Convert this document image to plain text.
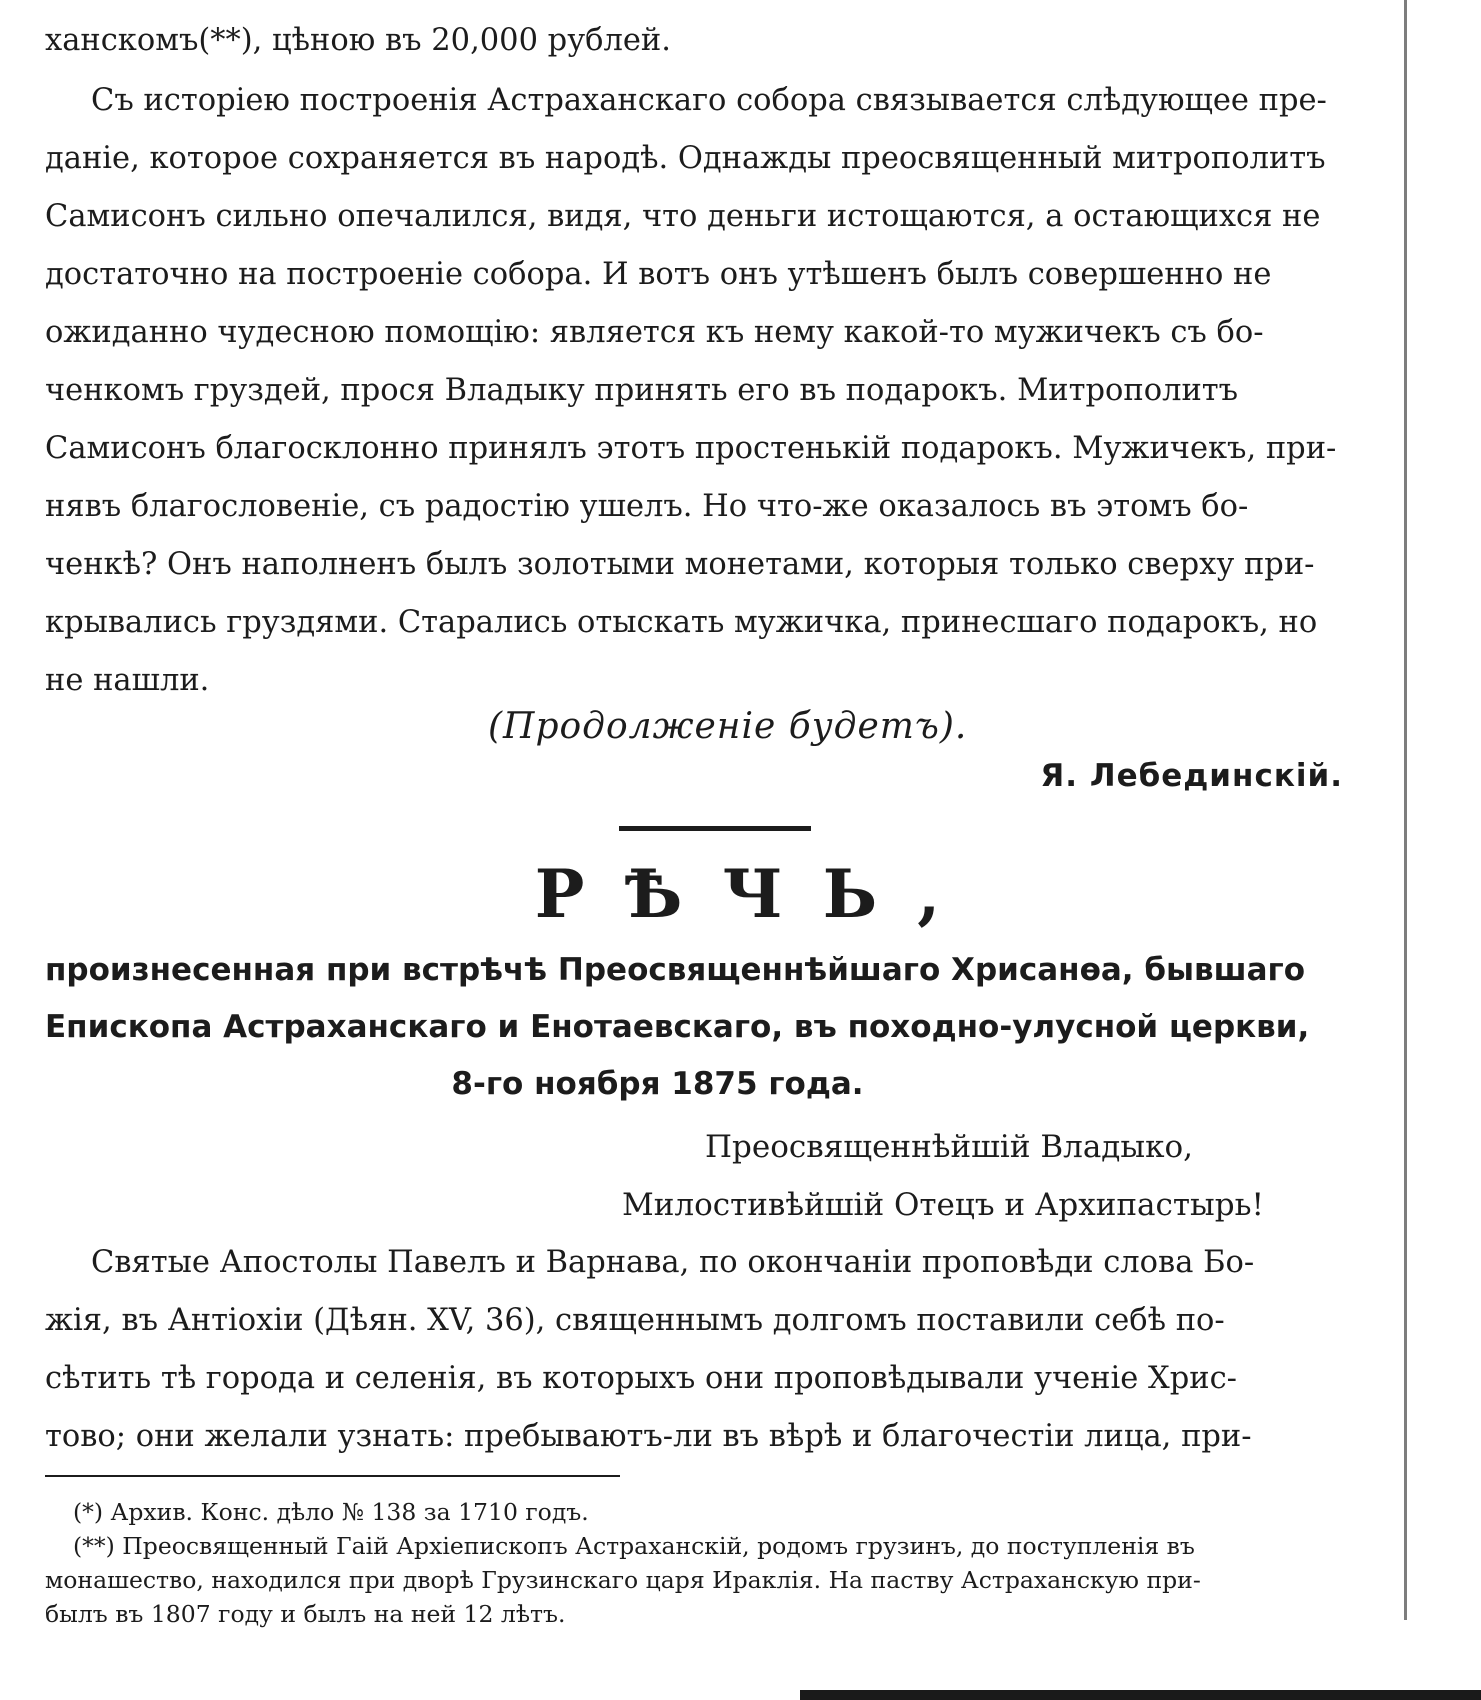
ханскомъ(**), цѣною въ 20,000 рублей.
Съ исторіею построенія Астраханскаго собора связывается слѣдующее пре-
даніе, которое сохраняется въ народѣ. Однажды преосвященный митрополитъ
Самисонъ сильно опечалился, видя, что деньги истощаются, а остающихся не
достаточно на построеніе собора. И вотъ онъ утѣшенъ былъ совершенно не
ожиданно чудесною помощію: является къ нему какой-то мужичекъ съ бо-
ченкомъ груздей, прося Владыку принять его въ подарокъ. Митрополитъ
Самисонъ благосклонно принялъ этотъ простенькій подарокъ. Мужичекъ, при-
нявъ благословеніе, съ радостію ушелъ. Но что-же оказалось въ этомъ бо-
ченкѣ? Онъ наполненъ былъ золотыми монетами, которыя только сверху при-
крывались груздями. Старались отыскать мужичка, принесшаго подарокъ, но
не нашли.
(Продолженіе будетъ).
Я. Лебединскій.
РѢЧЬ,
произнесенная при встрѣчѣ Преосвященнѣйшаго Хрисанѳа, бывшаго
Епископа Астраханскаго и Енотаевскаго, въ походно-улусной церкви,
8-го ноября 1875 года.
Преосвященнѣйшій Владыко,
Милостивѣйшій Отецъ и Архипастырь!
Святые Апостолы Павелъ и Варнава, по окончаніи проповѣди слова Бо-
жія, въ Антіохіи (Дѣян. XV, 36), священнымъ долгомъ поставили себѣ по-
сѣтить тѣ города и селенія, въ которыхъ они проповѣдывали ученіе Хрис-
тово; они желали узнать: пребываютъ-ли въ вѣрѣ и благочестіи лица, при-
(*) Архив. Конс. дѣло № 138 за 1710 годъ.
(**) Преосвященный Гаій Архіепископъ Астраханскій, родомъ грузинъ, до поступленія въ
монашество, находился при дворѣ Грузинскаго царя Ираклія. На паству Астраханскую при-
былъ въ 1807 году и былъ на ней 12 лѣтъ.
